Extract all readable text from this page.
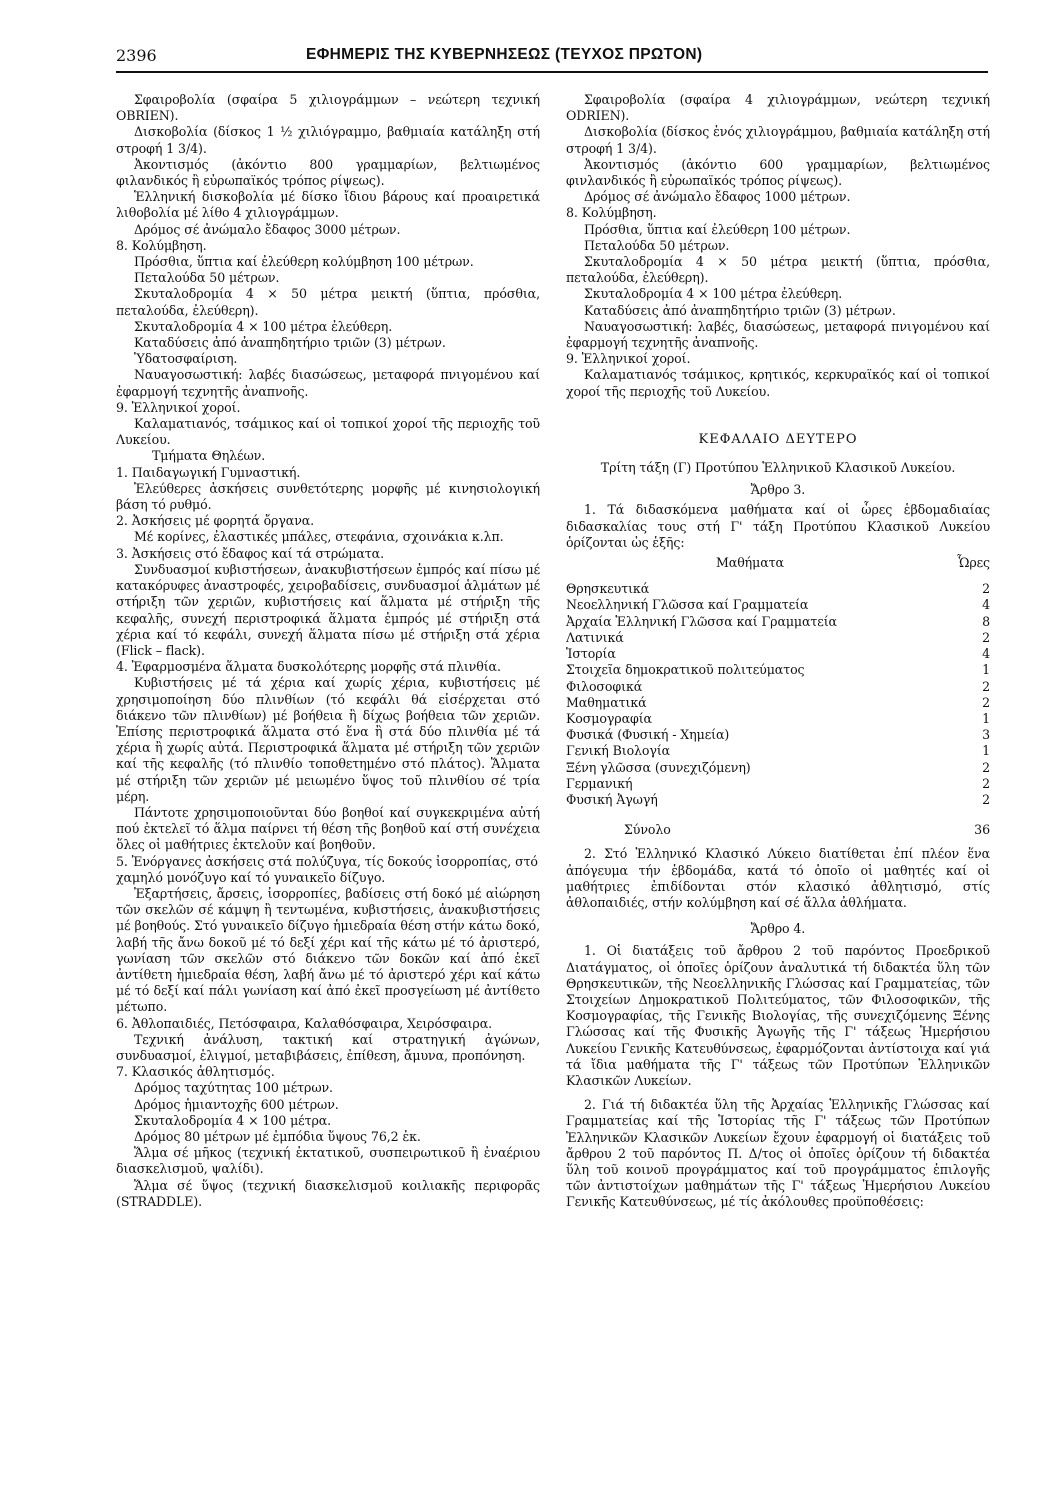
2396	ΕΦΗΜΕΡΙΣ ΤΗΣ ΚΥΒΕΡΝΗΣΕΩΣ (ΤΕΥΧΟΣ ΠΡΩΤΟΝ)

Σφαιροβολία (σφαίρα 5 χιλιογράμμων – νεώτερη τεχνική OBRIEN).

Δισκοβολία (δίσκος 1 ½ χιλιόγραμμο, βαθμιαία κατάληξη στή στροφή 1 3/4).

Ἀκοντισμός (ἀκόντιο 800 γραμμαρίων, βελτιωμένος φιλανδικός ἢ εὐρωπαϊκός τρόπος ρίψεως).

Ἑλληνική δισκοβολία μέ δίσκο ἴδιου βάρους καί προαιρετικά λιθοβολία μέ λίθο 4 χιλιογράμμων.

Δρόμος σέ ἀνώμαλο ἔδαφος 3000 μέτρων.

8. Κολύμβηση.

Πρόσθια, ὕπτια καί ἐλεύθερη κολύμβηση 100 μέτρων.

Πεταλούδα 50 μέτρων.

Σκυταλοδρομία 4 × 50 μέτρα μεικτή (ὕπτια, πρόσθια, πεταλούδα, ἐλεύθερη).

Σκυταλοδρομία 4 × 100 μέτρα ἐλεύθερη.

Καταδύσεις ἀπό ἀναπηδητήριο τριῶν (3) μέτρων.

Ὑδατοσφαίριση.

Ναυαγοσωστική: λαβές διασώσεως, μεταφορά πνιγομένου καί ἐφαρμογή τεχνητῆς ἀναπνοῆς.

9. Ἑλληνικοί χοροί.

Καλαματιανός, τσάμικος καί οἱ τοπικοί χοροί τῆς περιοχῆς τοῦ Λυκείου.

Τμήματα Θηλέων.

1. Παιδαγωγική Γυμναστική.

Ἐλεύθερες ἀσκήσεις συνθετότερης μορφῆς μέ κινησιολογική βάση τό ρυθμό.

2. Ἀσκήσεις μέ φορητά ὄργανα.

Μέ κορίνες, ἐλαστικές μπάλες, στεφάνια, σχοινάκια κ.λπ.

3. Ἀσκήσεις στό ἔδαφος καί τά στρώματα.

Συνδυασμοί κυβιστήσεων, ἀνακυβιστήσεων ἐμπρός καί πίσω μέ κατακόρυφες ἀναστροφές, χειροβαδίσεις, συνδυασμοί ἁλμάτων μέ στήριξη τῶν χεριῶν, κυβιστήσεις καί ἅλματα μέ στήριξη τῆς κεφαλῆς, συνεχή περιστροφικά ἅλματα ἐμπρός μέ στήριξη στά χέρια καί τό κεφάλι, συνεχή ἅλματα πίσω μέ στήριξη στά χέρια (Flick – flack).

4. Ἐφαρμοσμένα ἅλματα δυσκολότερης μορφῆς στά πλινθία.

Κυβιστήσεις μέ τά χέρια καί χωρίς χέρια, κυβιστήσεις μέ χρησιμοποίηση δύο πλινθίων (τό κεφάλι θά εἰσέρχεται στό διάκενο τῶν πλινθίων) μέ βοήθεια ἢ δίχως βοήθεια τῶν χεριῶν. Ἐπίσης περιστροφικά ἅλματα στό ἕνα ἢ στά δύο πλινθία μέ τά χέρια ἢ χωρίς αὐτά. Περιστροφικά ἅλματα μέ στήριξη τῶν χεριῶν καί τῆς κεφαλῆς (τό πλινθίο τοποθετημένο στό πλάτος). Ἅλματα μέ στήριξη τῶν χεριῶν μέ μειωμένο ὕψος τοῦ πλινθίου σέ τρία μέρη.

Πάντοτε χρησιμοποιοῦνται δύο βοηθοί καί συγκεκριμένα αὐτή πού ἐκτελεῖ τό ἅλμα παίρνει τή θέση τῆς βοηθοῦ καί στή συνέχεια ὅλες οἱ μαθήτριες ἐκτελοῦν καί βοηθοῦν.

5. Ἐνόργανες ἀσκήσεις στά πολύζυγα, τίς δοκούς ἰσορροπίας, στό χαμηλό μονόζυγο καί τό γυναικεῖο δίζυγο.

Ἐξαρτήσεις, ἄρσεις, ἰσορροπίες, βαδίσεις στή δοκό μέ αἰώρηση τῶν σκελῶν σέ κάμψη ἢ τεντωμένα, κυβιστήσεις, ἀνακυβιστήσεις μέ βοηθούς. Στό γυναικεῖο δίζυγο ἡμιεδραία θέση στήν κάτω δοκό, λαβή τῆς ἄνω δοκοῦ μέ τό δεξί χέρι καί τῆς κάτω μέ τό ἀριστερό, γωνίαση τῶν σκελῶν στό διάκενο τῶν δοκῶν καί ἀπό ἐκεῖ ἀντίθετη ἡμιεδραία θέση, λαβή ἄνω μέ τό ἀριστερό χέρι καί κάτω μέ τό δεξί καί πάλι γωνίαση καί ἀπό ἐκεῖ προσγείωση μέ ἀντίθετο μέτωπο.

6. Ἀθλοπαιδιές, Πετόσφαιρα, Καλαθόσφαιρα, Χειρόσφαιρα.

Τεχνική ἀνάλυση, τακτική καί στρατηγική ἀγώνων, συνδυασμοί, ἑλιγμοί, μεταβιβάσεις, ἐπίθεση, ἄμυνα, προπόνηση.

7. Κλασικός ἀθλητισμός.

Δρόμος ταχύτητας 100 μέτρων.

Δρόμος ἡμιαντοχῆς 600 μέτρων.

Σκυταλοδρομία 4 × 100 μέτρα.

Δρόμος 80 μέτρων μέ ἐμπόδια ὕψους 76,2 ἑκ.

Ἅλμα σέ μῆκος (τεχνική ἐκτατικοῦ, συσπειρωτικοῦ ἢ ἐναέριου διασκελισμοῦ, ψαλίδι).

Ἅλμα σέ ὕψος (τεχνική διασκελισμοῦ κοιλιακῆς περιφορᾶς (STRADDLE).

Σφαιροβολία (σφαίρα 4 χιλιογράμμων, νεώτερη τεχνική ODRIEN).

Δισκοβολία (δίσκος ἑνός χιλιογράμμου, βαθμιαία κατάληξη στή στροφή 1 3/4).

Ἀκοντισμός (ἀκόντιο 600 γραμμαρίων, βελτιωμένος φινλανδικός ἢ εὐρωπαϊκός τρόπος ρίψεως).

Δρόμος σέ ἀνώμαλο ἔδαφος 1000 μέτρων.

8. Κολύμβηση.

Πρόσθια, ὕπτια καί ἐλεύθερη 100 μέτρων.

Πεταλούδα 50 μέτρων.

Σκυταλοδρομία 4 × 50 μέτρα μεικτή (ὕπτια, πρόσθια, πεταλούδα, ἐλεύθερη).

Σκυταλοδρομία 4 × 100 μέτρα ἐλεύθερη.

Καταδύσεις ἀπό ἀναπηδητήριο τριῶν (3) μέτρων.

Ναυαγοσωστική: λαβές, διασώσεως, μεταφορά πνιγομένου καί ἐφαρμογή τεχνητῆς ἀναπνοῆς.

9. Ἑλληνικοί χοροί.

Καλαματιανός τσάμικος, κρητικός, κερκυραϊκός καί οἱ τοπικοί χοροί τῆς περιοχῆς τοῦ Λυκείου.

ΚΕΦΑΛΑΙΟ ΔΕΥΤΕΡΟ

Τρίτη τάξη (Γ) Προτύπου Ἑλληνικοῦ Κλασικοῦ Λυκείου.

Ἄρθρο 3.

1. Τά διδασκόμενα μαθήματα καί οἱ ὧρες ἑβδομαδιαίας διδασκαλίας τους στή Γ' τάξη Προτύπου Κλασικοῦ Λυκείου ὁρίζονται ὡς ἑξῆς:

Μαθήματα	Ὧρες
Θρησκευτικά	2
Νεοελληνική Γλῶσσα καί Γραμματεία	4
Ἀρχαία Ἑλληνική Γλῶσσα καί Γραμματεία	8
Λατινικά	2
Ἱστορία	4
Στοιχεῖα δημοκρατικοῦ πολιτεύματος	1
Φιλοσοφικά	2
Μαθηματικά	2
Κοσμογραφία	1
Φυσικά (Φυσική - Χημεία)	3
Γενική Βιολογία	1
Ξένη γλῶσσα (συνεχιζόμενη)	2
Γερμανική	2
Φυσική Ἀγωγή	2
Σύνολο	36

2. Στό Ἑλληνικό Κλασικό Λύκειο διατίθεται ἐπί πλέον ἕνα ἀπόγευμα τήν ἑβδομάδα, κατά τό ὁποῖο οἱ μαθητές καί οἱ μαθήτριες ἐπιδίδονται στόν κλασικό ἀθλητισμό, στίς ἀθλοπαιδιές, στήν κολύμβηση καί σέ ἄλλα ἀθλήματα.

Ἄρθρο 4.

1. Οἱ διατάξεις τοῦ ἄρθρου 2 τοῦ παρόντος Προεδρικοῦ Διατάγματος, οἱ ὁποῖες ὁρίζουν ἀναλυτικά τή διδακτέα ὕλη τῶν Θρησκευτικῶν, τῆς Νεοελληνικῆς Γλώσσας καί Γραμματείας, τῶν Στοιχείων Δημοκρατικοῦ Πολιτεύματος, τῶν Φιλοσοφικῶν, τῆς Κοσμογραφίας, τῆς Γενικῆς Βιολογίας, τῆς συνεχιζόμενης Ξένης Γλώσσας καί τῆς Φυσικῆς Ἀγωγῆς τῆς Γ' τάξεως Ἡμερήσιου Λυκείου Γενικῆς Κατευθύνσεως, ἐφαρμόζονται ἀντίστοιχα καί γιά τά ἴδια μαθήματα τῆς Γ' τάξεως τῶν Προτύπων Ἑλληνικῶν Κλασικῶν Λυκείων.

2. Γιά τή διδακτέα ὕλη τῆς Ἀρχαίας Ἑλληνικῆς Γλώσσας καί Γραμματείας καί τῆς Ἱστορίας τῆς Γ' τάξεως τῶν Προτύπων Ἑλληνικῶν Κλασικῶν Λυκείων ἔχουν ἐφαρμογή οἱ διατάξεις τοῦ ἄρθρου 2 τοῦ παρόντος Π. Δ/τος οἱ ὁποῖες ὁρίζουν τή διδακτέα ὕλη τοῦ κοινοῦ προγράμματος καί τοῦ προγράμματος ἐπιλογῆς τῶν ἀντιστοίχων μαθημάτων τῆς Γ' τάξεως Ἡμερήσιου Λυκείου Γενικῆς Κατευθύνσεως, μέ τίς ἀκόλουθες προϋποθέσεις:
